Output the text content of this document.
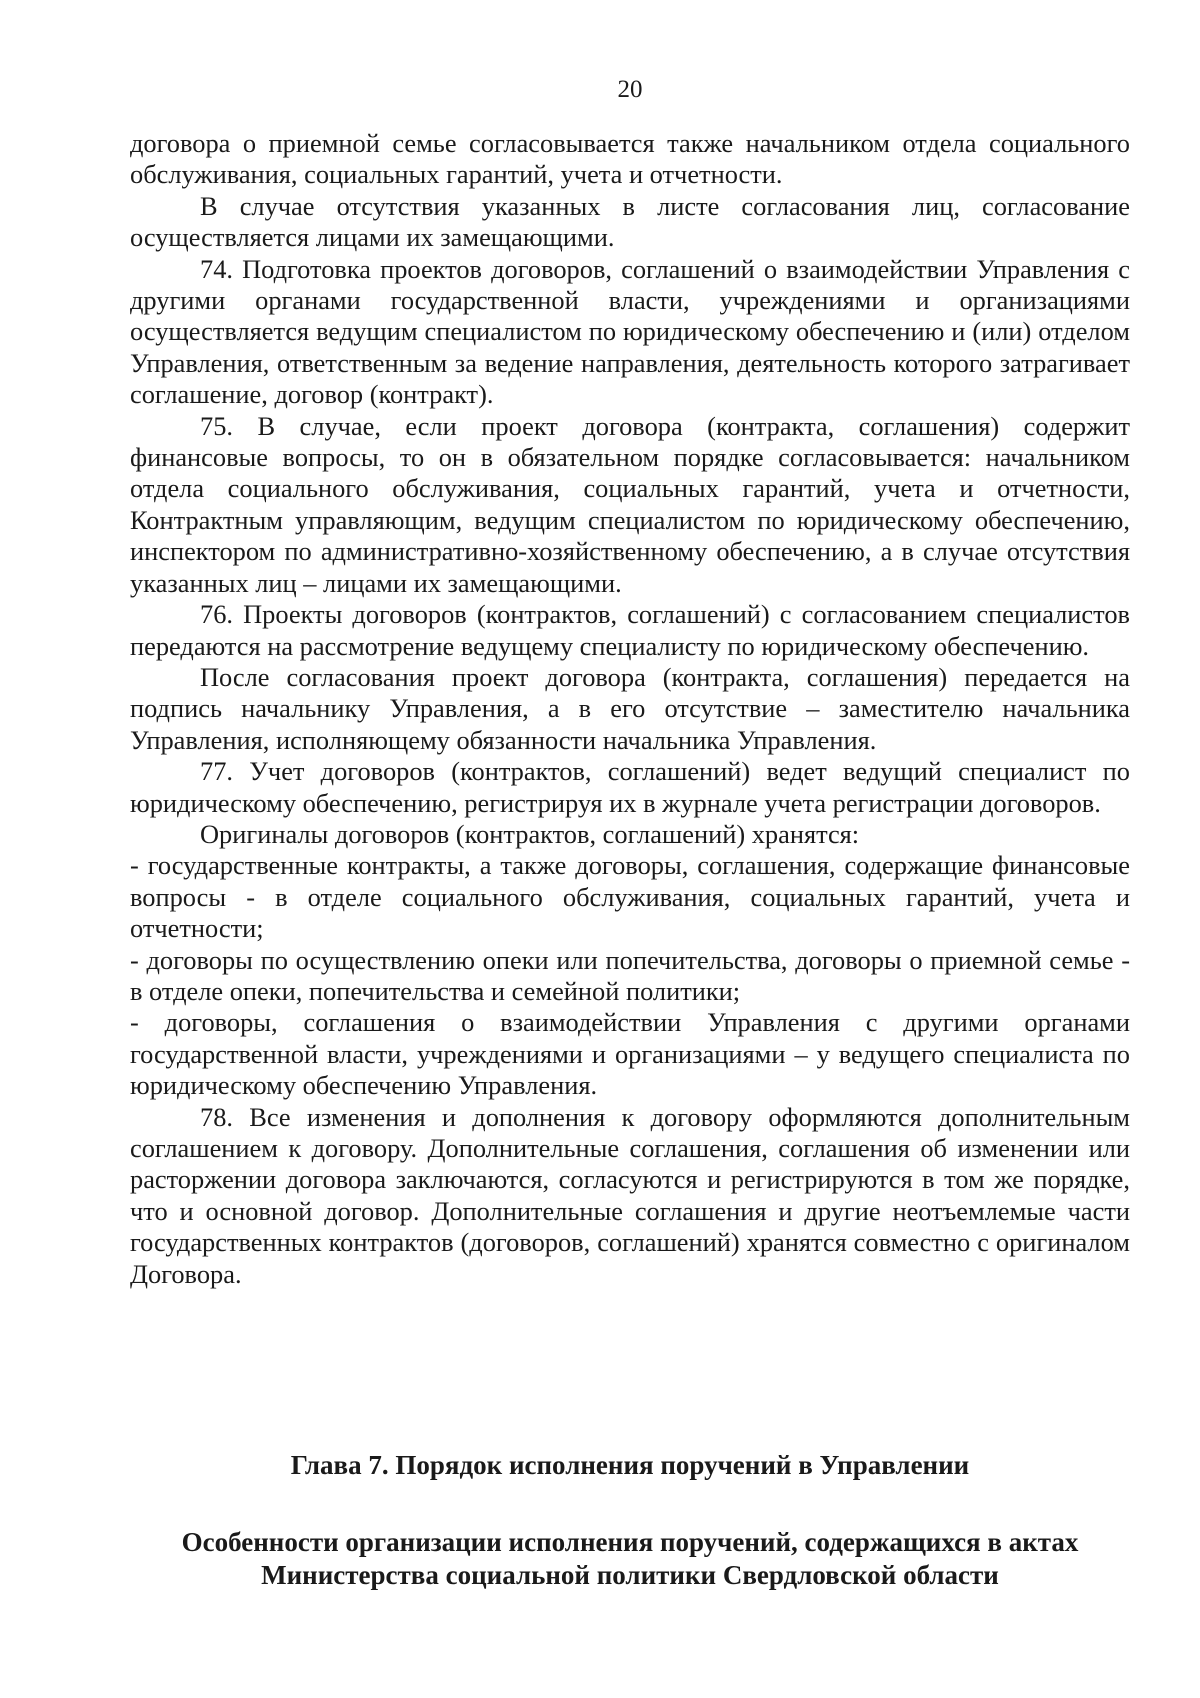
20

договора о приемной семье согласовывается также начальником отдела социального обслуживания, социальных гарантий, учета и отчетности.

В случае отсутствия указанных в листе согласования лиц, согласование осуществляется лицами их замещающими.

74. Подготовка проектов договоров, соглашений о взаимодействии Управления с другими органами государственной власти, учреждениями и организациями осуществляется ведущим специалистом по юридическому обеспечению и (или) отделом Управления, ответственным за ведение направления, деятельность которого затрагивает соглашение, договор (контракт).

75. В случае, если проект договора (контракта, соглашения) содержит финансовые вопросы, то он в обязательном порядке согласовывается: начальником отдела социального обслуживания, социальных гарантий, учета и отчетности, Контрактным управляющим, ведущим специалистом по юридическому обеспечению, инспектором по административно-хозяйственному обеспечению, а в случае отсутствия указанных лиц – лицами их замещающими.

76. Проекты договоров (контрактов, соглашений) с согласованием специалистов передаются на рассмотрение ведущему специалисту по юридическому обеспечению.

После согласования проект договора (контракта, соглашения) передается на подпись начальнику Управления, а в его отсутствие – заместителю начальника Управления, исполняющему обязанности начальника Управления.

77. Учет договоров (контрактов, соглашений) ведет ведущий специалист по юридическому обеспечению, регистрируя их в журнале учета регистрации договоров.

Оригиналы договоров (контрактов, соглашений) хранятся:

- государственные контракты, а также договоры, соглашения, содержащие финансовые вопросы - в отделе социального обслуживания, социальных гарантий, учета и отчетности;

- договоры по осуществлению опеки или попечительства, договоры о приемной семье - в отделе опеки, попечительства и семейной политики;

- договоры, соглашения о взаимодействии Управления с другими органами государственной власти, учреждениями и организациями – у ведущего специалиста по юридическому обеспечению Управления.

78. Все изменения и дополнения к договору оформляются дополнительным соглашением к договору. Дополнительные соглашения, соглашения об изменении или расторжении договора заключаются, согласуются и регистрируются в том же порядке, что и основной договор. Дополнительные соглашения и другие неотъемлемые части государственных контрактов (договоров, соглашений) хранятся совместно с оригиналом Договора.

Глава 7. Порядок исполнения поручений в Управлении
Особенности организации исполнения поручений, содержащихся в актах Министерства социальной политики Свердловской области
